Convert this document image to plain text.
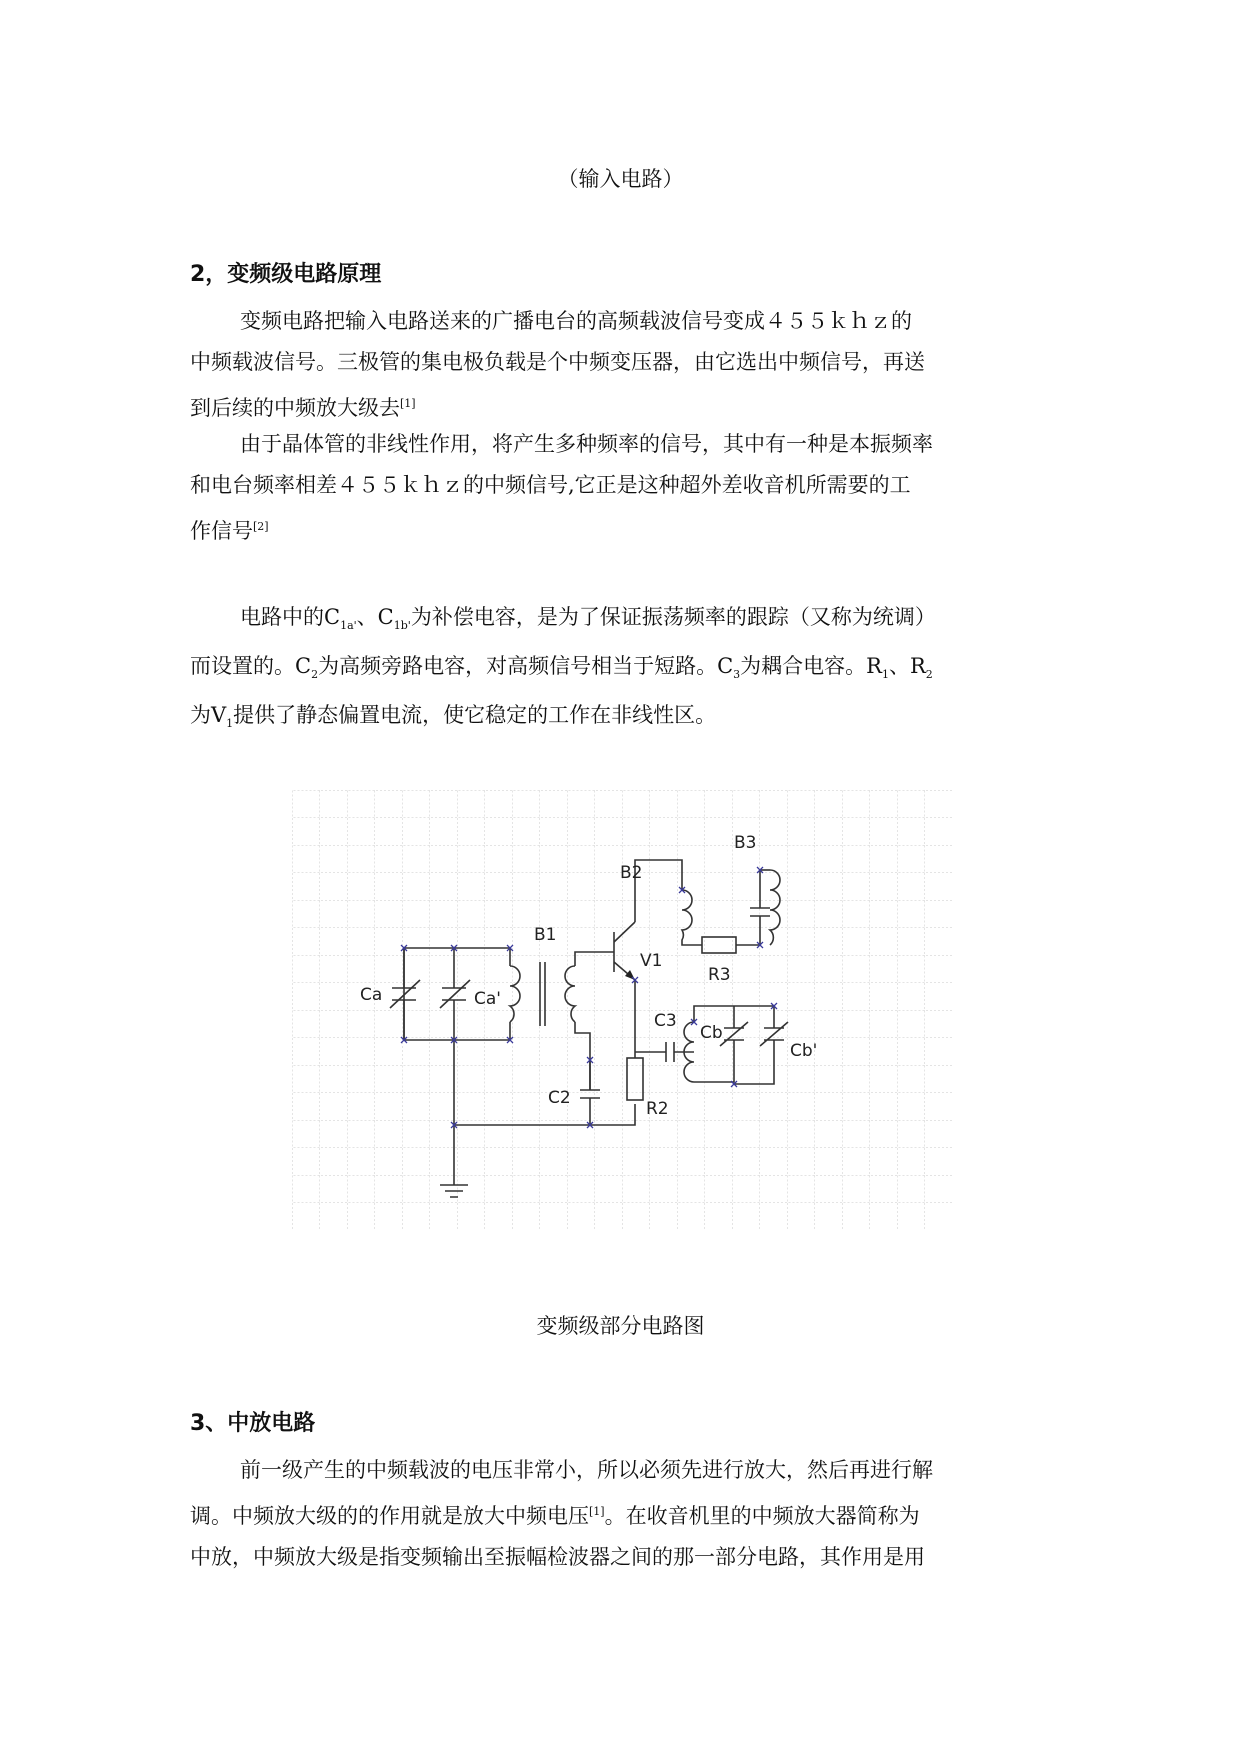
（输入电路）
2，变频级电路原理
变频电路把输入电路送来的广播电台的高频载波信号变成４５５ｋｈｚ的
中频载波信号。三极管的集电极负载是个中频变压器，由它选出中频信号，再送
到后续的中频放大级去[1]
由于晶体管的非线性作用，将产生多种频率的信号，其中有一种是本振频率
和电台频率相差４５５ｋｈｚ的中频信号,它正是这种超外差收音机所需要的工
作信号[2]
电路中的$C_{1a'}$、$C_{1b'}$为补偿电容，是为了保证振荡频率的跟踪（又称为统调）
而设置的。$C_2$为高频旁路电容，对高频信号相当于短路。$C_3$为耦合电容。$R_1$、$R_2$
为$V_1$提供了静态偏置电流，使它稳定的工作在非线性区。
Ca	Ca'
B1
B2
B3
V1
R3
C3
Cb
Cb'
C2
R2
变频级部分电路图
3、中放电路
前一级产生的中频载波的电压非常小，所以必须先进行放大，然后再进行解
调。中频放大级的的作用就是放大中频电压[1]。在收音机里的中频放大器简称为
中放，中频放大级是指变频输出至振幅检波器之间的那一部分电路，其作用是用
